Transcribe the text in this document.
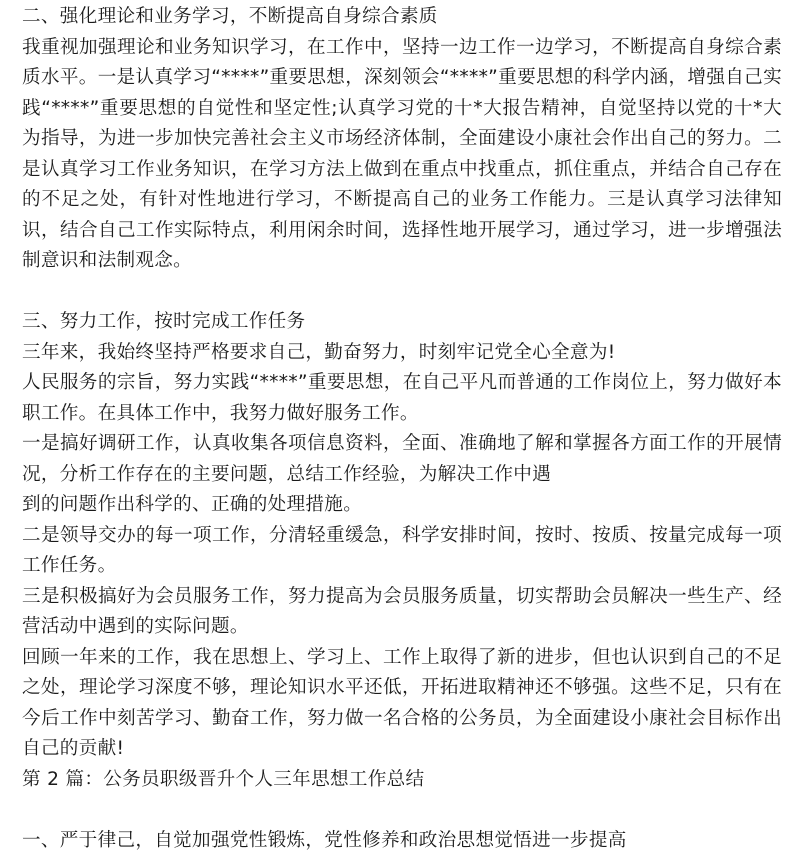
二、强化理论和业务学习，不断提高自身综合素质

我重视加强理论和业务知识学习，在工作中，坚持一边工作一边学习，不断提高自身综合素质水平。一是认真学习“****”重要思想，深刻领会“****”重要思想的科学内涵，增强自己实践“****”重要思想的自觉性和坚定性;认真学习党的十*大报告精神，自觉坚持以党的十*大为指导，为进一步加快完善社会主义市场经济体制，全面建设小康社会作出自己的努力。二是认真学习工作业务知识，在学习方法上做到在重点中找重点，抓住重点，并结合自己存在的不足之处，有针对性地进行学习，不断提高自己的业务工作能力。三是认真学习法律知识，结合自己工作实际特点，利用闲余时间，选择性地开展学习，通过学习，进一步增强法制意识和法制观念。

三、努力工作，按时完成工作任务

三年来，我始终坚持严格要求自己，勤奋努力，时刻牢记党全心全意为!

人民服务的宗旨，努力实践“****”重要思想，在自己平凡而普通的工作岗位上，努力做好本职工作。在具体工作中，我努力做好服务工作。

一是搞好调研工作，认真收集各项信息资料，全面、准确地了解和掌握各方面工作的开展情况，分析工作存在的主要问题，总结工作经验，为解决工作中遇

到的问题作出科学的、正确的处理措施。

二是领导交办的每一项工作，分清轻重缓急，科学安排时间，按时、按质、按量完成每一项工作任务。

三是积极搞好为会员服务工作，努力提高为会员服务质量，切实帮助会员解决一些生产、经营活动中遇到的实际问题。

回顾一年来的工作，我在思想上、学习上、工作上取得了新的进步，但也认识到自己的不足之处，理论学习深度不够，理论知识水平还低，开拓进取精神还不够强。这些不足，只有在今后工作中刻苦学习、勤奋工作，努力做一名合格的公务员，为全面建设小康社会目标作出自己的贡献!

第 2 篇：公务员职级晋升个人三年思想工作总结

一、严于律己，自觉加强党性锻炼，党性修养和政治思想觉悟进一步提高
